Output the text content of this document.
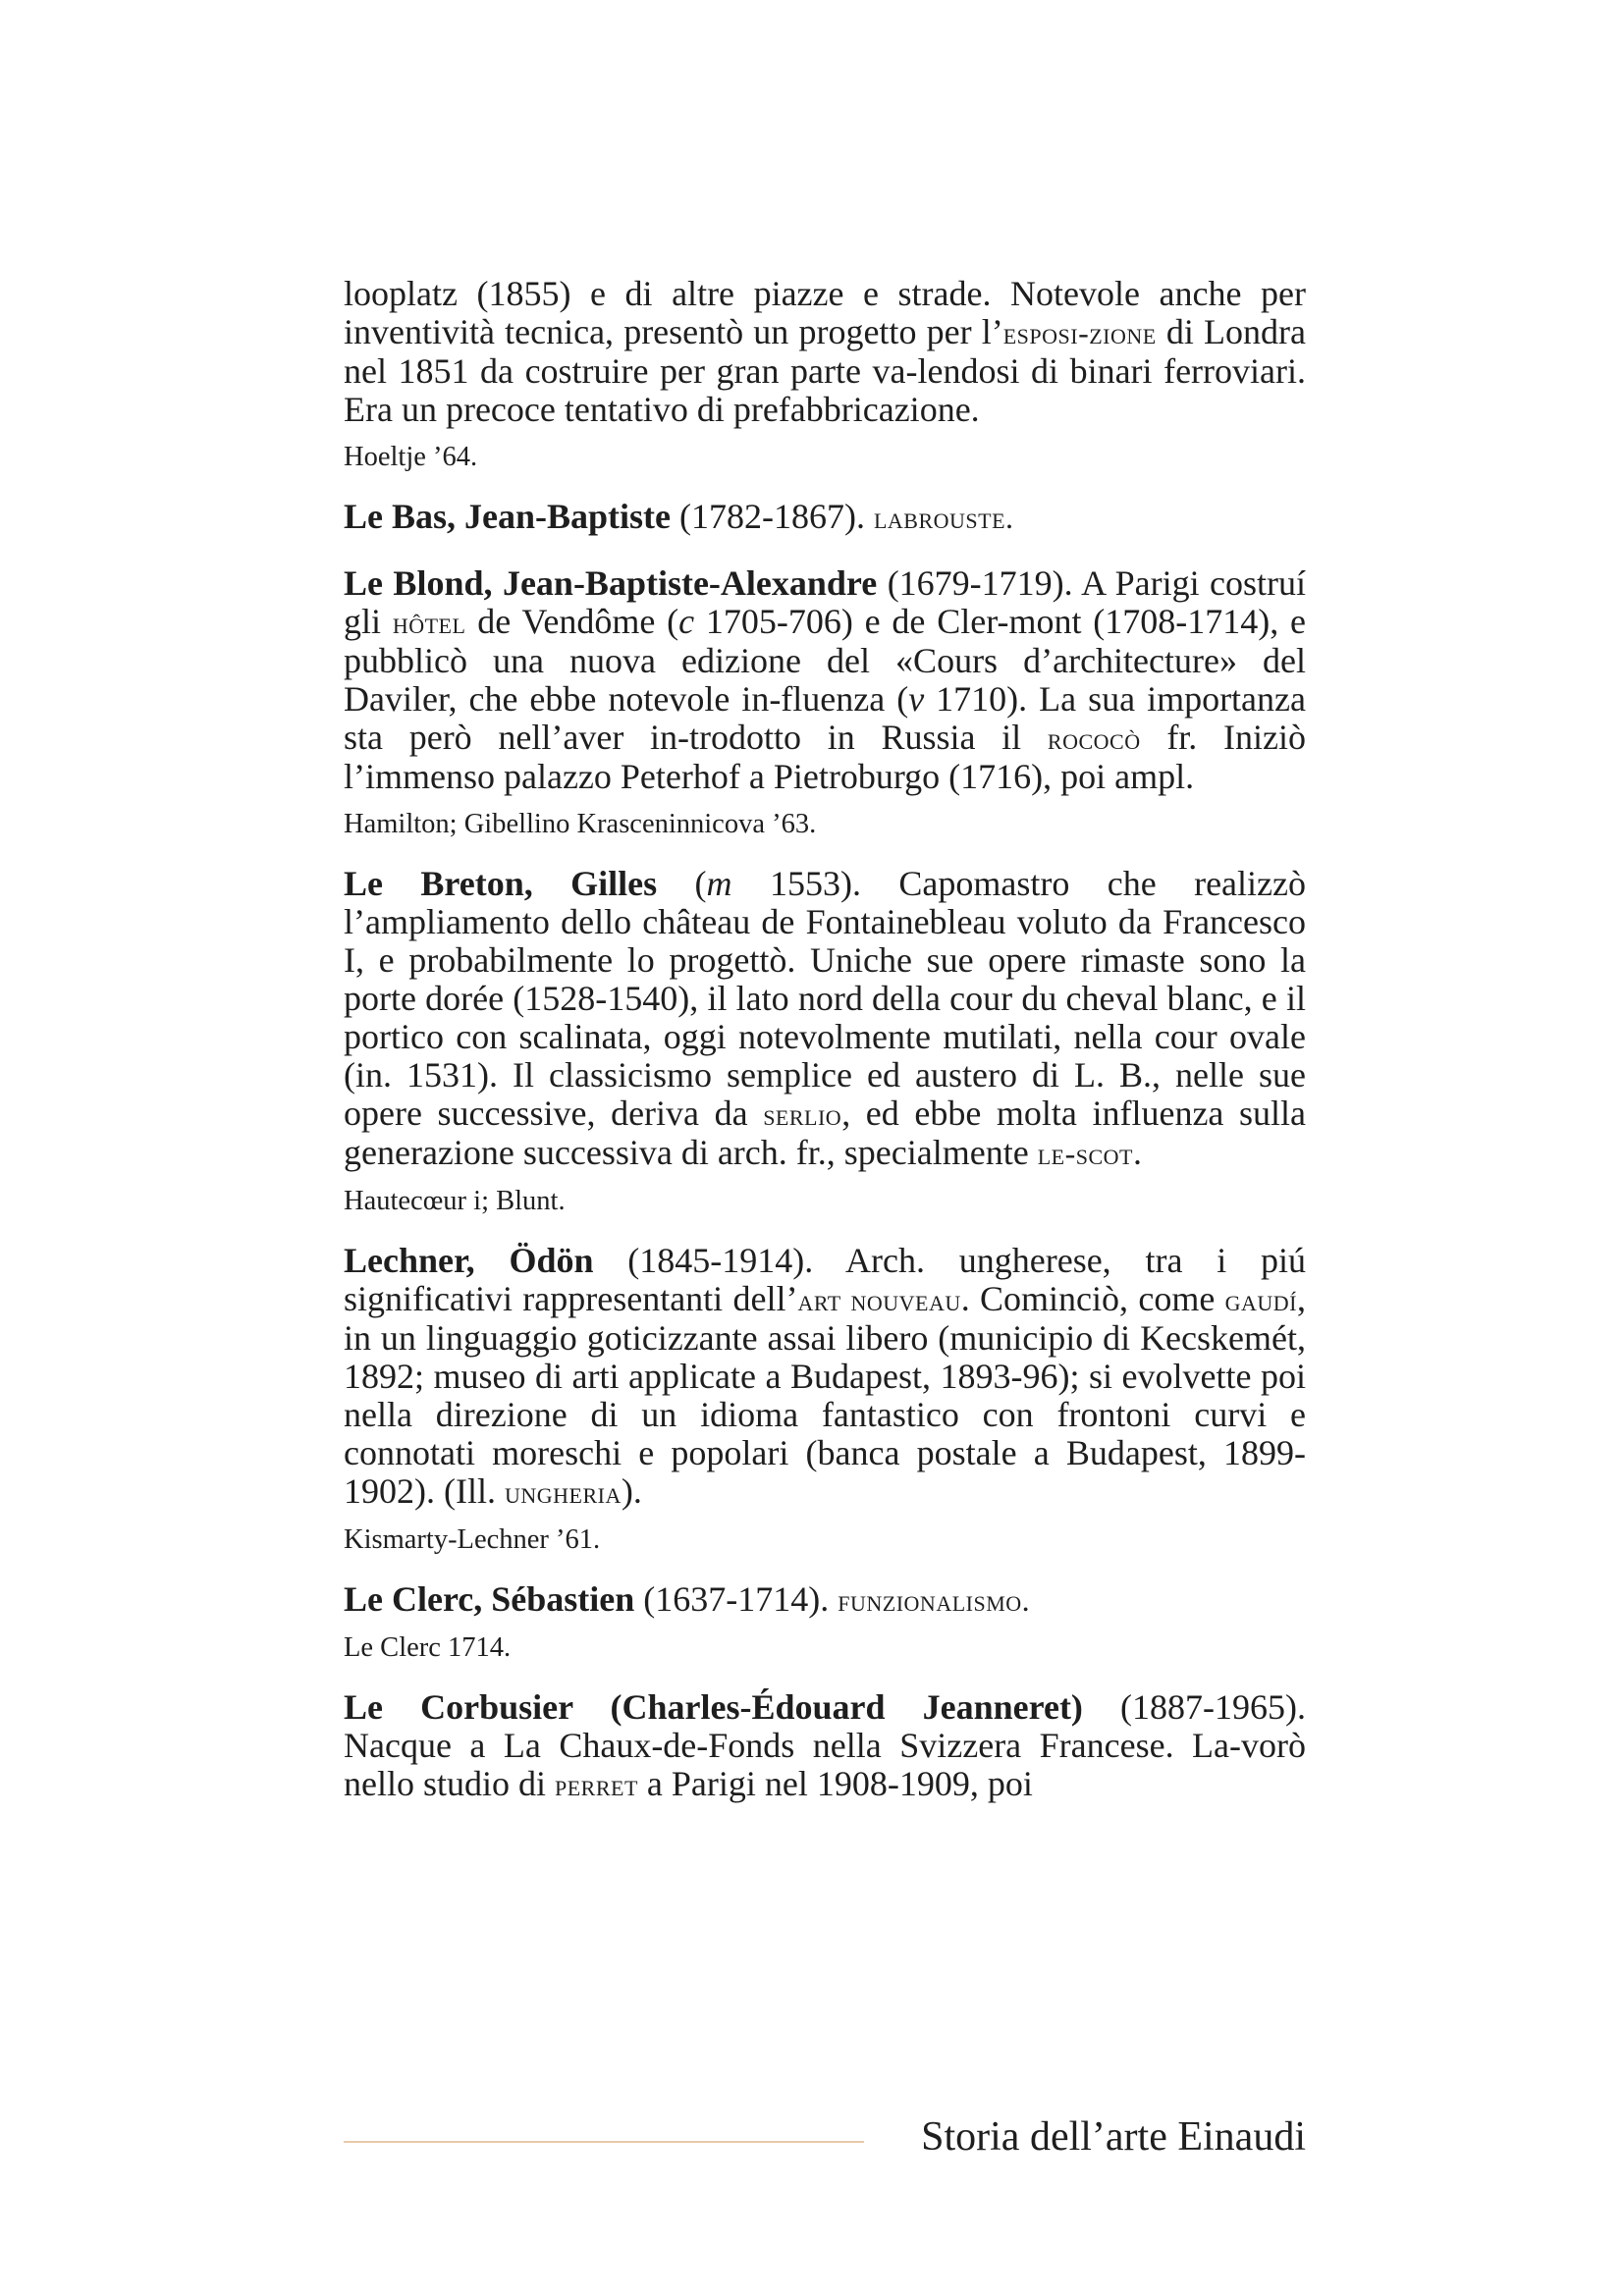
looplatz (1855) e di altre piazze e strade. Notevole anche per inventività tecnica, presentò un progetto per l’esposi-zione di Londra nel 1851 da costruire per gran parte va-lendosi di binari ferroviari. Era un precoce tentativo di prefabbricazione.

Hoeltje ’64.

Le Bas, Jean-Baptiste (1782-1867). labrouste.

Le Blond, Jean-Baptiste-Alexandre (1679-1719). A Parigi costruí gli hôtel de Vendôme (c 1705-706) e de Cler-mont (1708-1714), e pubblicò una nuova edizione del «Cours d’architecture» del Daviler, che ebbe notevole in-fluenza (v 1710). La sua importanza sta però nell’aver in-trodotto in Russia il rococò fr. Iniziò l’immenso palazzo Peterhof a Pietroburgo (1716), poi ampl.

Hamilton; Gibellino Krasceninnicova ’63.

Le Breton, Gilles (m 1553). Capomastro che realizzò l’ampliamento dello château de Fontainebleau voluto da Francesco I, e probabilmente lo progettò. Uniche sue opere rimaste sono la porte dorée (1528-1540), il lato nord della cour du cheval blanc, e il portico con scalinata, oggi notevolmente mutilati, nella cour ovale (in. 1531). Il classicismo semplice ed austero di L. B., nelle sue opere successive, deriva da serlio, ed ebbe molta influenza sulla generazione successiva di arch. fr., specialmente le-scot.

Hautecœur i; Blunt.

Lechner, Ödön (1845-1914). Arch. ungherese, tra i piú significativi rappresentanti dell’art nouveau. Cominciò, come gaudí, in un linguaggio goticizzante assai libero (municipio di Kecskemét, 1892; museo di arti applicate a Budapest, 1893-96); si evolvette poi nella direzione di un idioma fantastico con frontoni curvi e connotati moreschi e popolari (banca postale a Budapest, 1899-1902). (Ill. ungheria).

Kismarty-Lechner ’61.

Le Clerc, Sébastien (1637-1714). funzionalismo.

Le Clerc 1714.

Le Corbusier (Charles-Édouard Jeanneret) (1887-1965). Nacque a La Chaux-de-Fonds nella Svizzera Francese. La-vorò nello studio di perret a Parigi nel 1908-1909, poi

Storia dell’arte Einaudi
